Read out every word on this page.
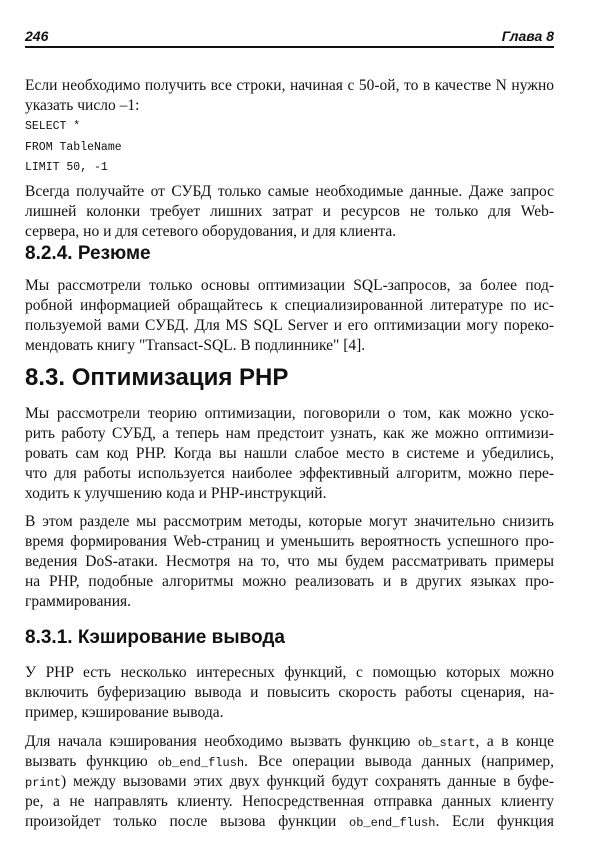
246	Глава 8
Если необходимо получить все строки, начиная с 50-ой, то в качестве N нужно
указать число –1:
SELECT *
FROM TableName
LIMIT 50, -1
Всегда получайте от СУБД только самые необходимые данные. Даже запрос
лишней колонки требует лишних затрат и ресурсов не только для Web-
сервера, но и для сетевого оборудования, и для клиента.
8.2.4. Резюме
Мы рассмотрели только основы оптимизации SQL-запросов, за более под-
робной информацией обращайтесь к специализированной литературе по ис-
пользуемой вами СУБД. Для MS SQL Server и его оптимизации могу порeко-
мендовать книгу "Transact-SQL. В подлиннике" [4].
8.3. Оптимизация PHP
Мы рассмотрели теорию оптимизации, поговорили о том, как можно уско-
рить работу СУБД, а теперь нам предстоит узнать, как же можно оптимизи-
ровать сам код PHP. Когда вы нашли слабое место в системе и убедились,
что для работы используется наиболее эффективный алгоритм, можно пере-
ходить к улучшению кода и PHP-инструкций.
В этом разделе мы рассмотрим методы, которые могут значительно снизить
время формирования Web-страниц и уменьшить вероятность успешного про-
ведения DoS-атаки. Несмотря на то, что мы будем рассматривать примеры
на PHP, подобные алгоритмы можно реализовать и в других языках про-
граммирования.
8.3.1. Кэширование вывода
У PHP есть несколько интересных функций, с помощью которых можно
включить буферизацию вывода и повысить скорость работы сценария, на-
пример, кэширование вывода.
Для начала кэширования необходимо вызвать функцию ob_start, а в конце
вызвать функцию ob_end_flush. Все операции вывода данных (например,
print) между вызовами этих двух функций будут сохранять данные в буфе-
ре, а не направлять клиенту. Непосредственная отправка данных клиенту
произойдет только после вызова функции ob_end_flush. Если функция
